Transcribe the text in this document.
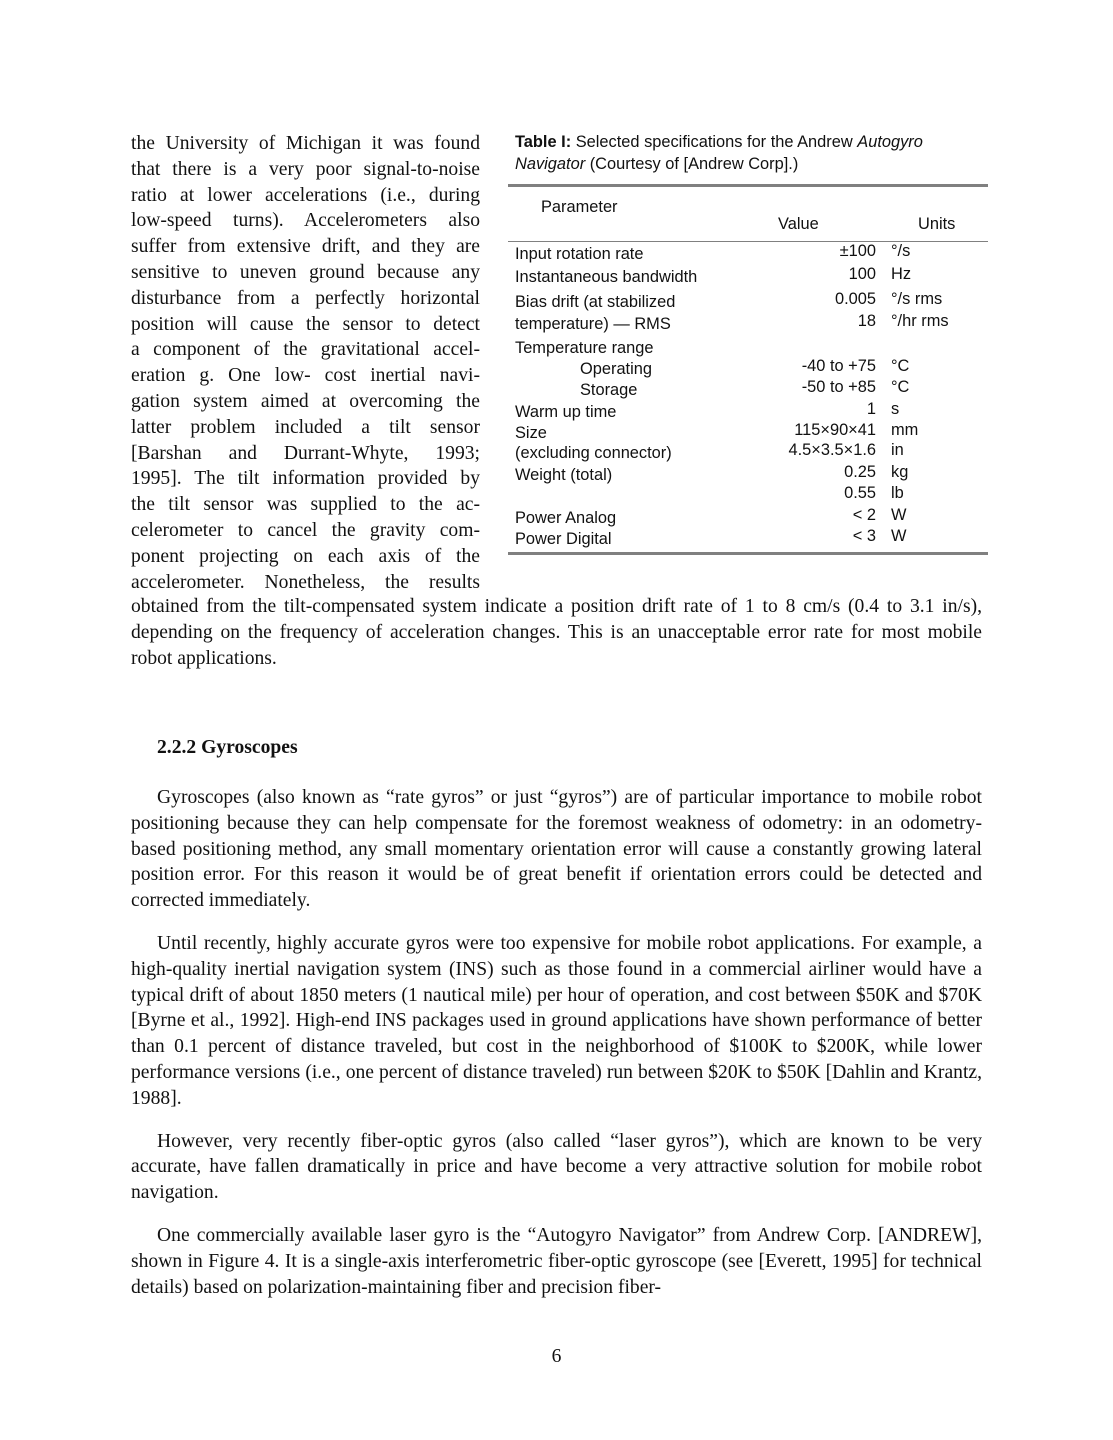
the University of Michigan it was found
that there is a very poor signal-to-noise
ratio at lower accelerations (i.e., during
low-speed turns). Accelerometers also
suffer from extensive drift, and they are
sensitive to uneven ground because any
disturbance from a perfectly horizontal
position will cause the sensor to detect
a component of the gravitational accel-
eration g. One low- cost inertial navi-
gation system aimed at overcoming the
latter problem included a tilt sensor
[Barshan and Durrant-Whyte, 1993;
1995]. The tilt information provided by
the tilt sensor was supplied to the ac-
celerometer to cancel the gravity com-
ponent projecting on each axis of the
accelerometer. Nonetheless, the results
Table I: Selected specifications for the Andrew Autogyro Navigator (Courtesy of [Andrew Corp].)
Parameter
Value	Units
Input rotation rate	±100 °/s
Instantaneous bandwidth	100 Hz
Bias drift (at stabilized	0.005 °/s rms
temperature) — RMS	18 °/hr rms
Temperature range
Operating	-40 to +75 °C
Storage	-50 to +85 °C
Warm up time	1 s
Size	115×90×41 mm
(excluding connector)	4.5×3.5×1.6 in
Weight (total)	0.25 kg
0.55 lb
Power Analog	< 2 W
Power Digital	< 3 W

obtained from the tilt-compensated system indicate a position drift rate of 1 to 8 cm/s (0.4 to 3.1 in/s), depending on the frequency of acceleration changes. This is an unacceptable error rate for most mobile robot applications.

2.2.2 Gyroscopes

Gyroscopes (also known as “rate gyros” or just “gyros”) are of particular importance to mobile robot positioning because they can help compensate for the foremost weakness of odometry: in an odometry-based positioning method, any small momentary orientation error will cause a constantly growing lateral position error. For this reason it would be of great benefit if orientation errors could be detected and corrected immediately.

Until recently, highly accurate gyros were too expensive for mobile robot applications. For example, a high-quality inertial navigation system (INS) such as those found in a commercial airliner would have a typical drift of about 1850 meters (1 nautical mile) per hour of operation, and cost between $50K and $70K [Byrne et al., 1992]. High-end INS packages used in ground applications have shown performance of better than 0.1 percent of distance traveled, but cost in the neighborhood of $100K to $200K, while lower performance versions (i.e., one percent of distance traveled) run between $20K to $50K [Dahlin and Krantz, 1988].

However, very recently fiber-optic gyros (also called “laser gyros”), which are known to be very accurate, have fallen dramatically in price and have become a very attractive solution for mobile robot navigation.

One commercially available laser gyro is the “Autogyro Navigator” from Andrew Corp. [ANDREW], shown in Figure 4. It is a single-axis interferometric fiber-optic gyroscope (see [Everett, 1995] for technical details) based on polarization-maintaining fiber and precision fiber-

6
